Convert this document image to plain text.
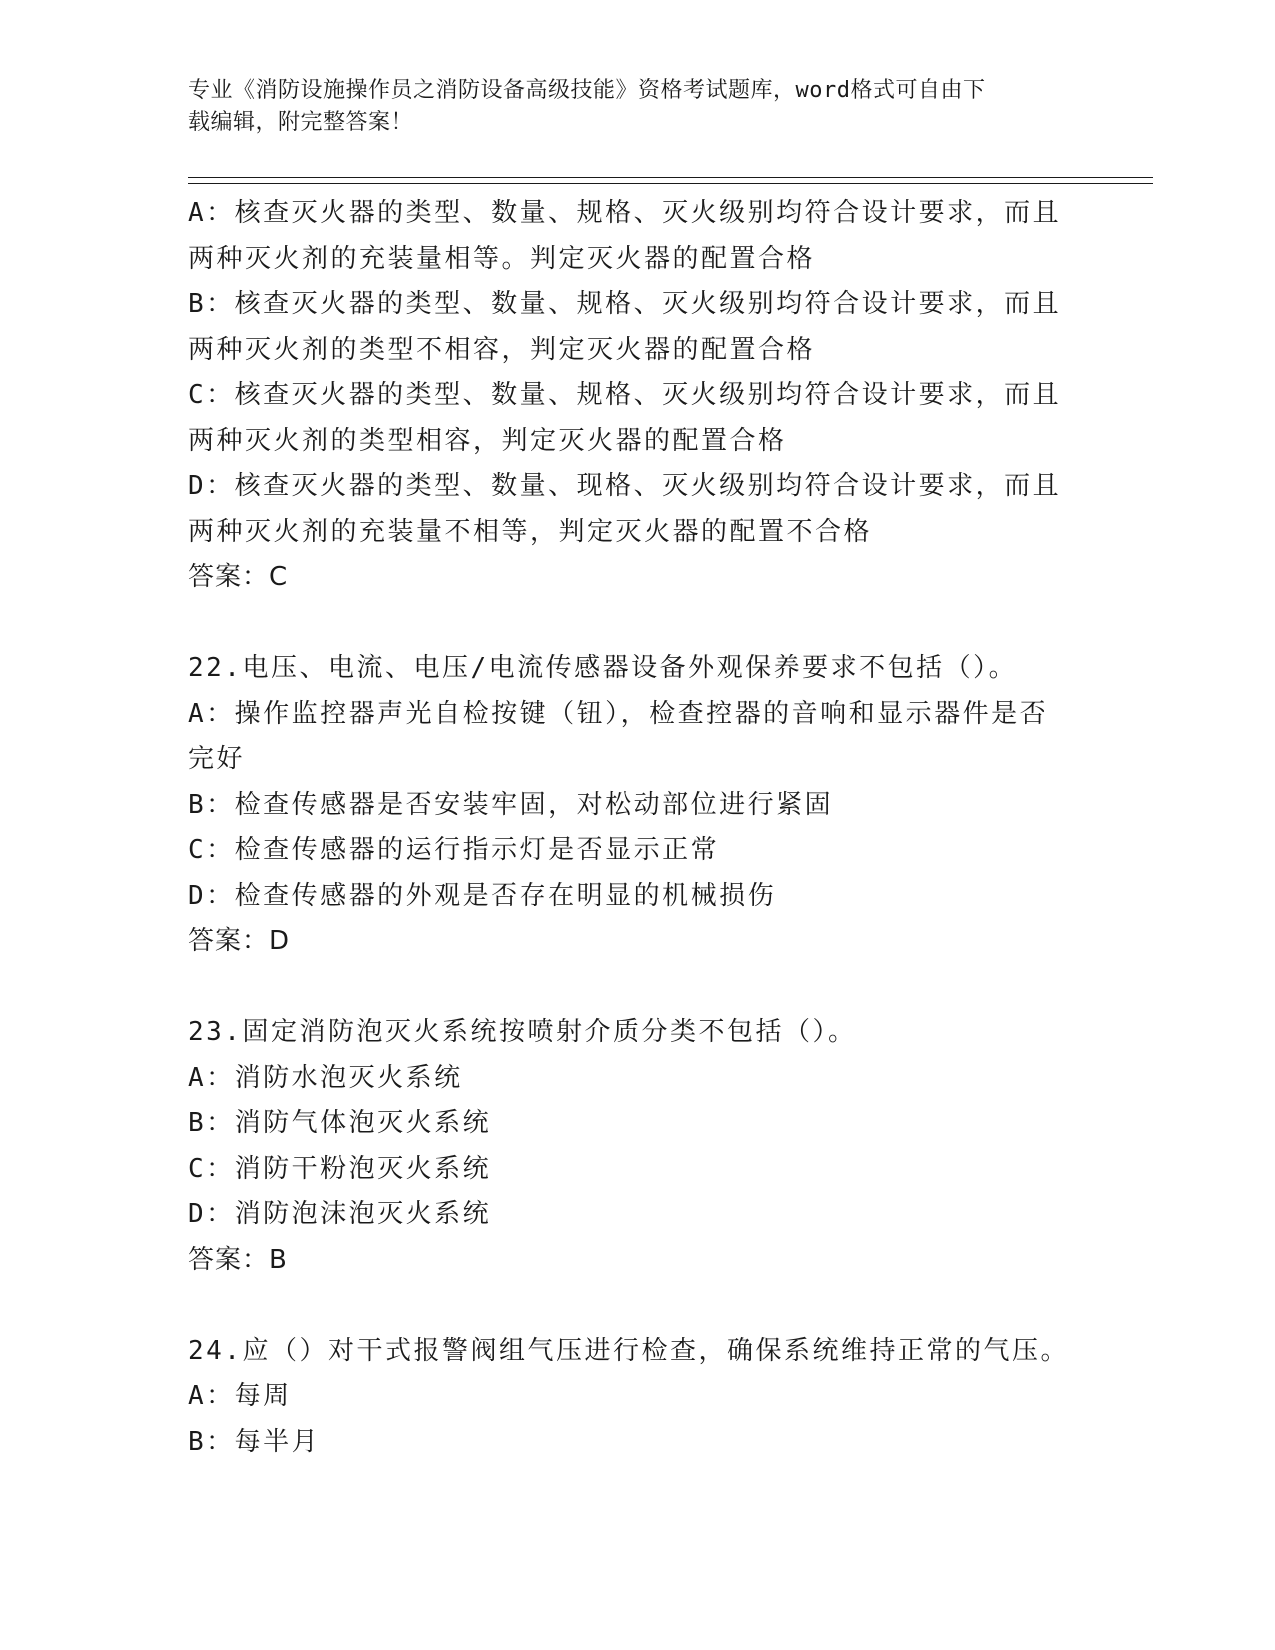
专业《消防设施操作员之消防设备高级技能》资格考试题库，word格式可自由下
载编辑，附完整答案！
A：核查灭火器的类型、数量、规格、灭火级别均符合设计要求，而且
两种灭火剂的充装量相等。判定灭火器的配置合格
B：核查灭火器的类型、数量、规格、灭火级别均符合设计要求，而且
两种灭火剂的类型不相容，判定灭火器的配置合格
C：核查灭火器的类型、数量、规格、灭火级别均符合设计要求，而且
两种灭火剂的类型相容，判定灭火器的配置合格
D：核查灭火器的类型、数量、现格、灭火级别均符合设计要求，而且
两种灭火剂的充装量不相等，判定灭火器的配置不合格
答案：C
22.电压、电流、电压/电流传感器设备外观保养要求不包括（）。
A：操作监控器声光自检按键（钮），检查控器的音响和显示器件是否
完好
B：检查传感器是否安装牢固，对松动部位进行紧固
C：检查传感器的运行指示灯是否显示正常
D：检查传感器的外观是否存在明显的机械损伤
答案：D
23.固定消防泡灭火系统按喷射介质分类不包括（）。
A：消防水泡灭火系统
B：消防气体泡灭火系统
C：消防干粉泡灭火系统
D：消防泡沫泡灭火系统
答案：B
24.应（）对干式报警阀组气压进行检查，确保系统维持正常的气压。
A：每周
B：每半月
